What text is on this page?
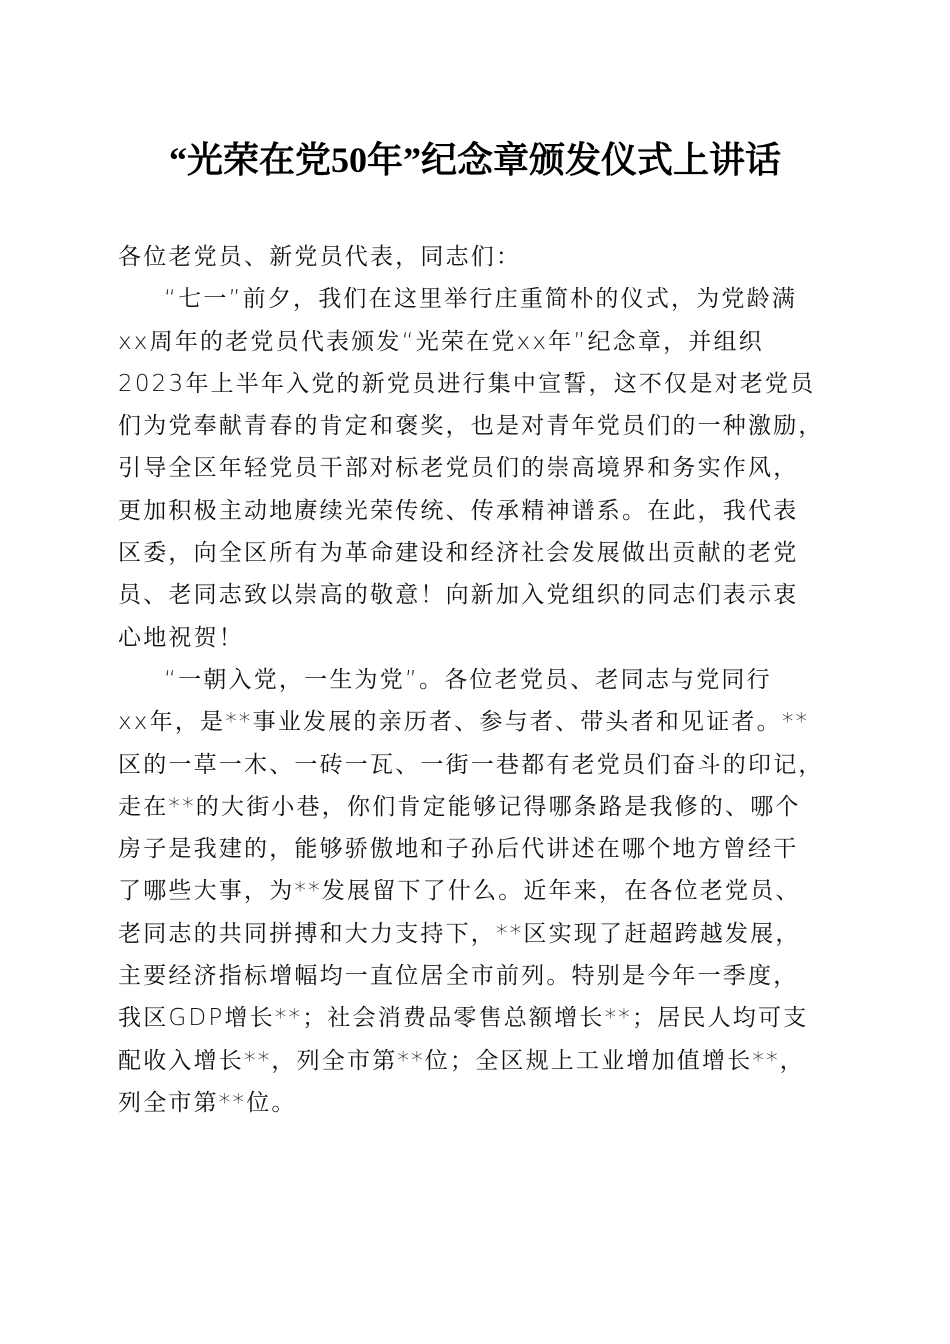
“光荣在党50年”纪念章颁发仪式上讲话
各位老党员、新党员代表，同志们：
“七一”前夕，我们在这里举行庄重简朴的仪式，为党龄满
xx周年的老党员代表颁发“光荣在党xx年”纪念章，并组织
2023年上半年入党的新党员进行集中宣誓，这不仅是对老党员
们为党奉献青春的肯定和褒奖，也是对青年党员们的一种激励，
引导全区年轻党员干部对标老党员们的崇高境界和务实作风，
更加积极主动地赓续光荣传统、传承精神谱系。在此，我代表
区委，向全区所有为革命建设和经济社会发展做出贡献的老党
员、老同志致以崇高的敬意！向新加入党组织的同志们表示衷
心地祝贺！
“一朝入党，一生为党”。各位老党员、老同志与党同行
xx年，是**事业发展的亲历者、参与者、带头者和见证者。**
区的一草一木、一砖一瓦、一街一巷都有老党员们奋斗的印记，
走在**的大街小巷，你们肯定能够记得哪条路是我修的、哪个
房子是我建的，能够骄傲地和子孙后代讲述在哪个地方曾经干
了哪些大事，为**发展留下了什么。近年来，在各位老党员、
老同志的共同拼搏和大力支持下，**区实现了赶超跨越发展，
主要经济指标增幅均一直位居全市前列。特别是今年一季度，
我区GDP增长**；社会消费品零售总额增长**；居民人均可支
配收入增长**，列全市第**位；全区规上工业增加值增长**，
列全市第**位。
